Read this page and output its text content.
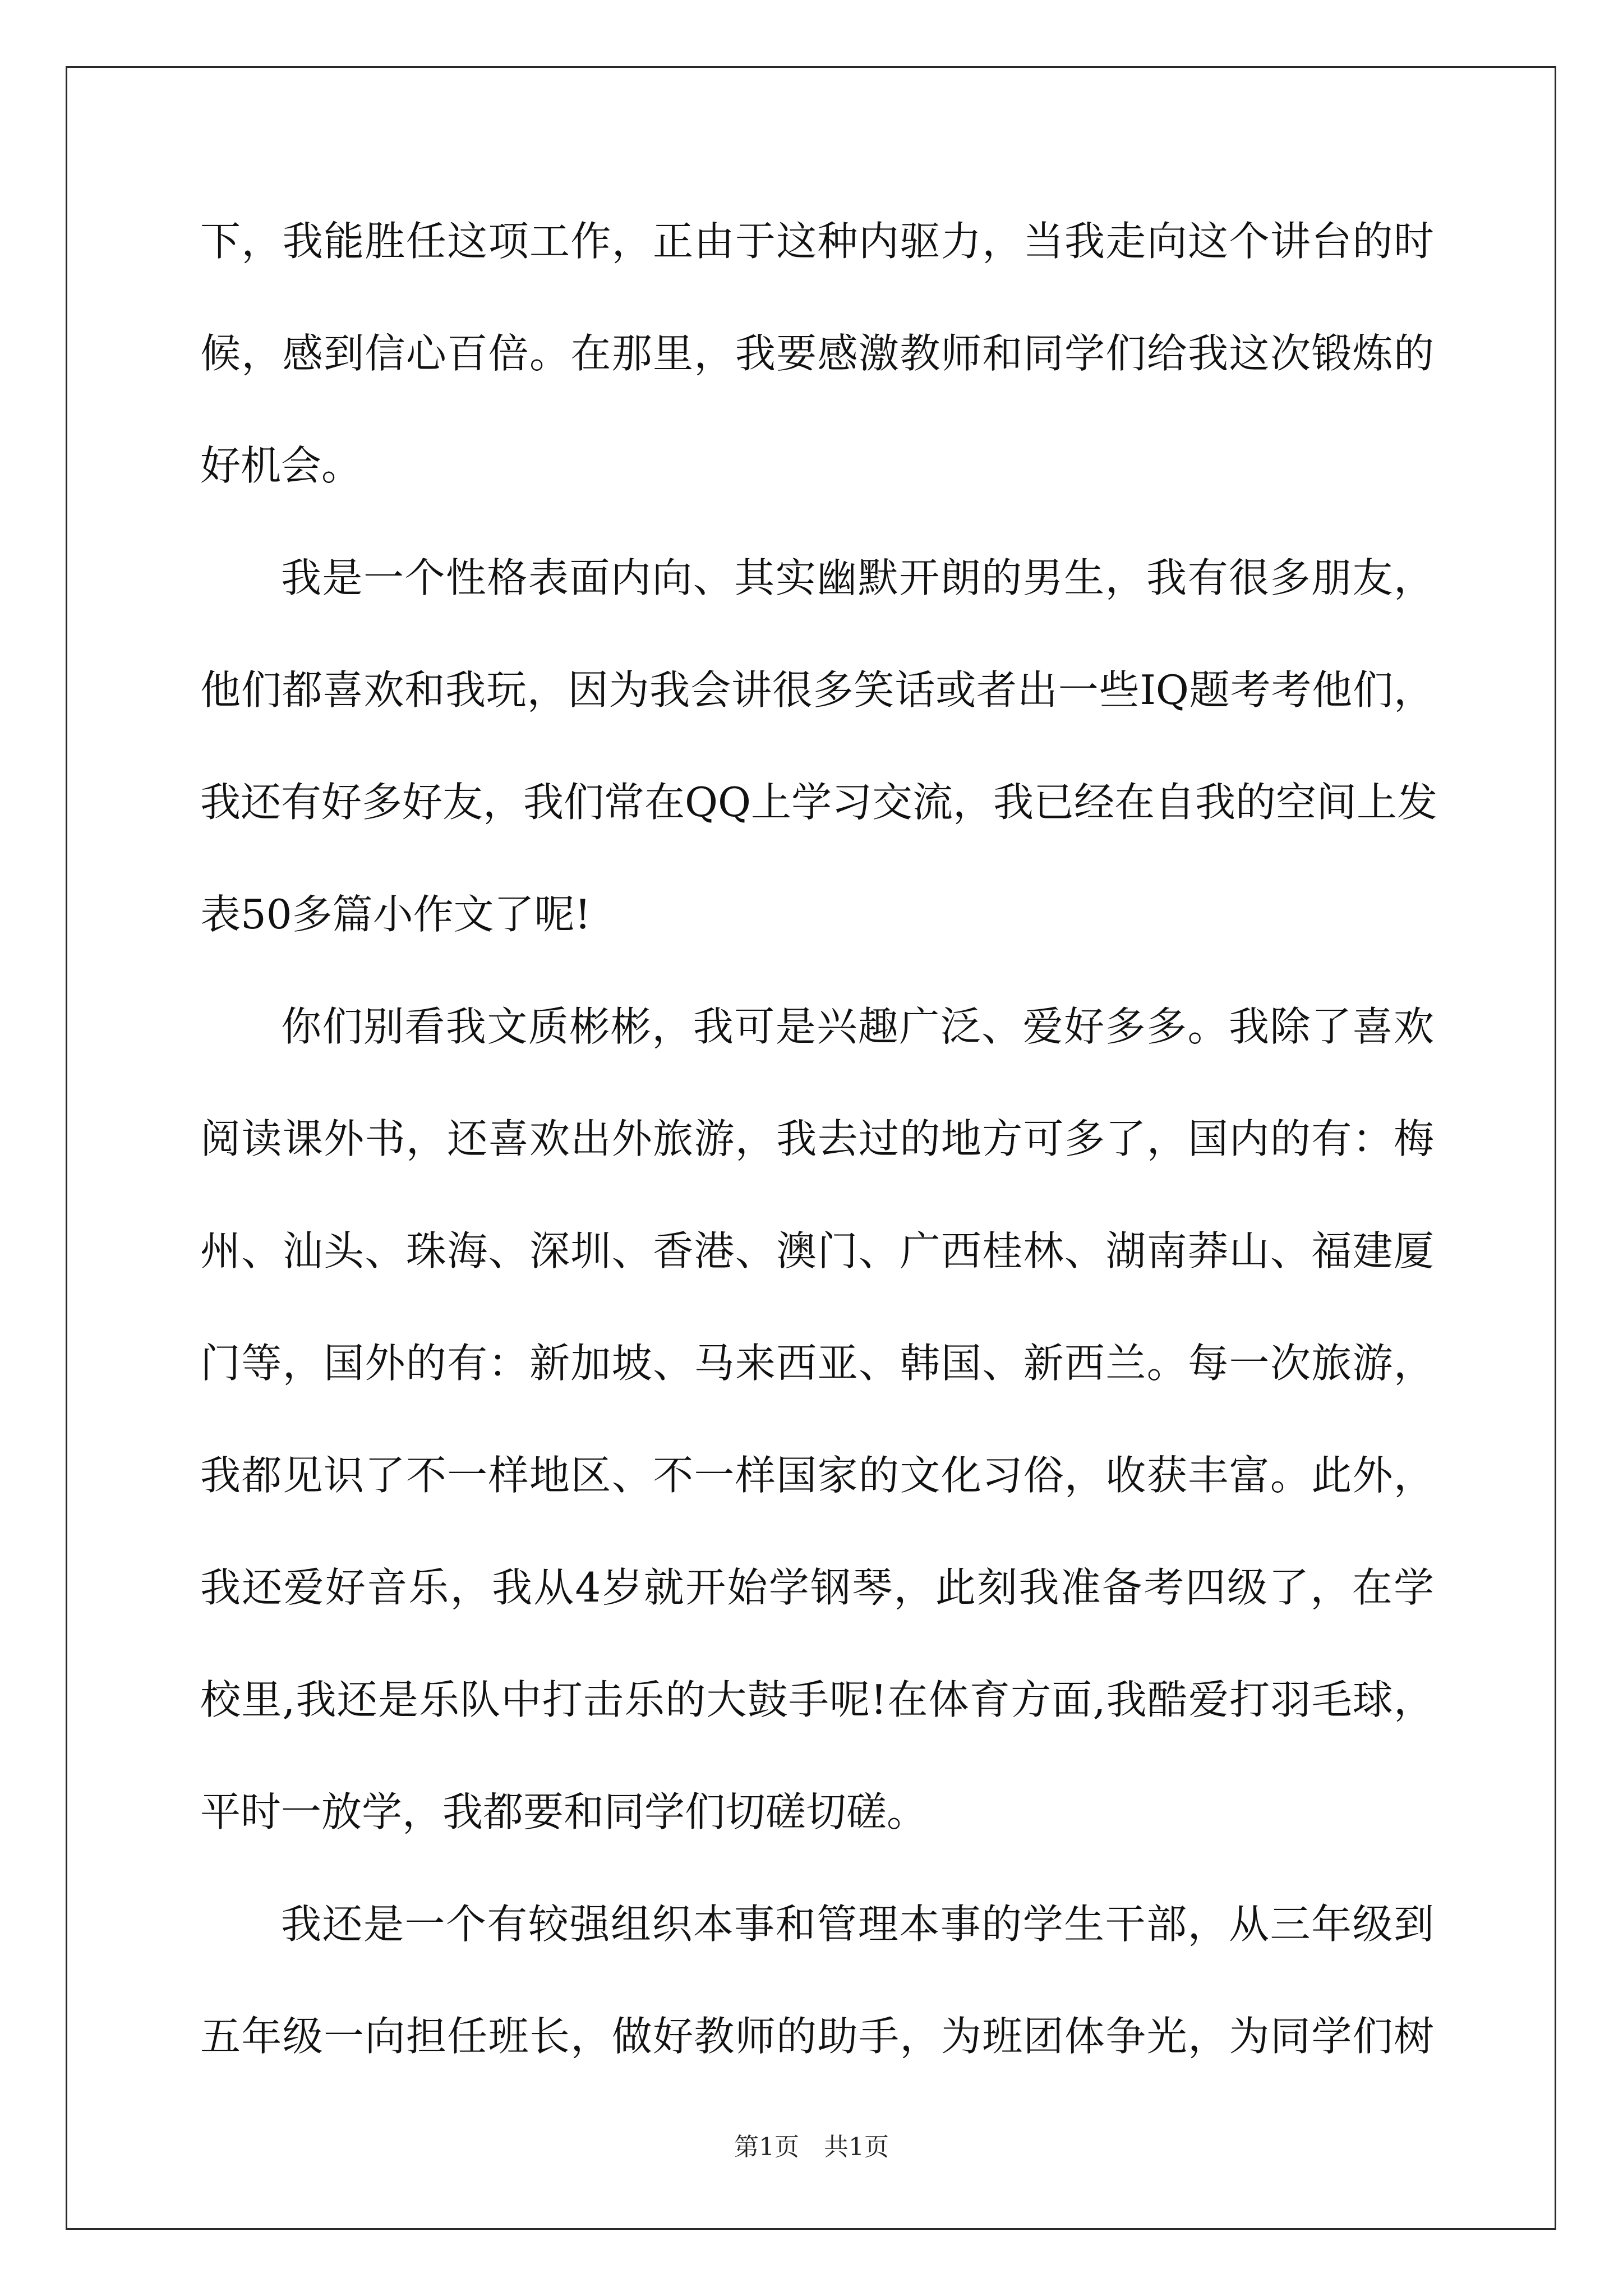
下，我能胜任这项工作，正由于这种内驱力，当我走向这个讲台的时
候，感到信心百倍。在那里，我要感激教师和同学们给我这次锻炼的
好机会。
我是一个性格表面内向、其实幽默开朗的男生，我有很多朋友，
他们都喜欢和我玩，因为我会讲很多笑话或者出一些IQ题考考他们，
我还有好多好友，我们常在QQ上学习交流，我已经在自我的空间上发
表50多篇小作文了呢!
你们别看我文质彬彬，我可是兴趣广泛、爱好多多。我除了喜欢
阅读课外书，还喜欢出外旅游，我去过的地方可多了，国内的有：梅
州、汕头、珠海、深圳、香港、澳门、广西桂林、湖南莽山、福建厦
门等，国外的有：新加坡、马来西亚、韩国、新西兰。每一次旅游，
我都见识了不一样地区、不一样国家的文化习俗，收获丰富。此外，
我还爱好音乐，我从4岁就开始学钢琴，此刻我准备考四级了，在学
校里,我还是乐队中打击乐的大鼓手呢!在体育方面,我酷爱打羽毛球，
平时一放学，我都要和同学们切磋切磋。
我还是一个有较强组织本事和管理本事的学生干部，从三年级到
五年级一向担任班长，做好教师的助手，为班团体争光，为同学们树
第1页　共1页
